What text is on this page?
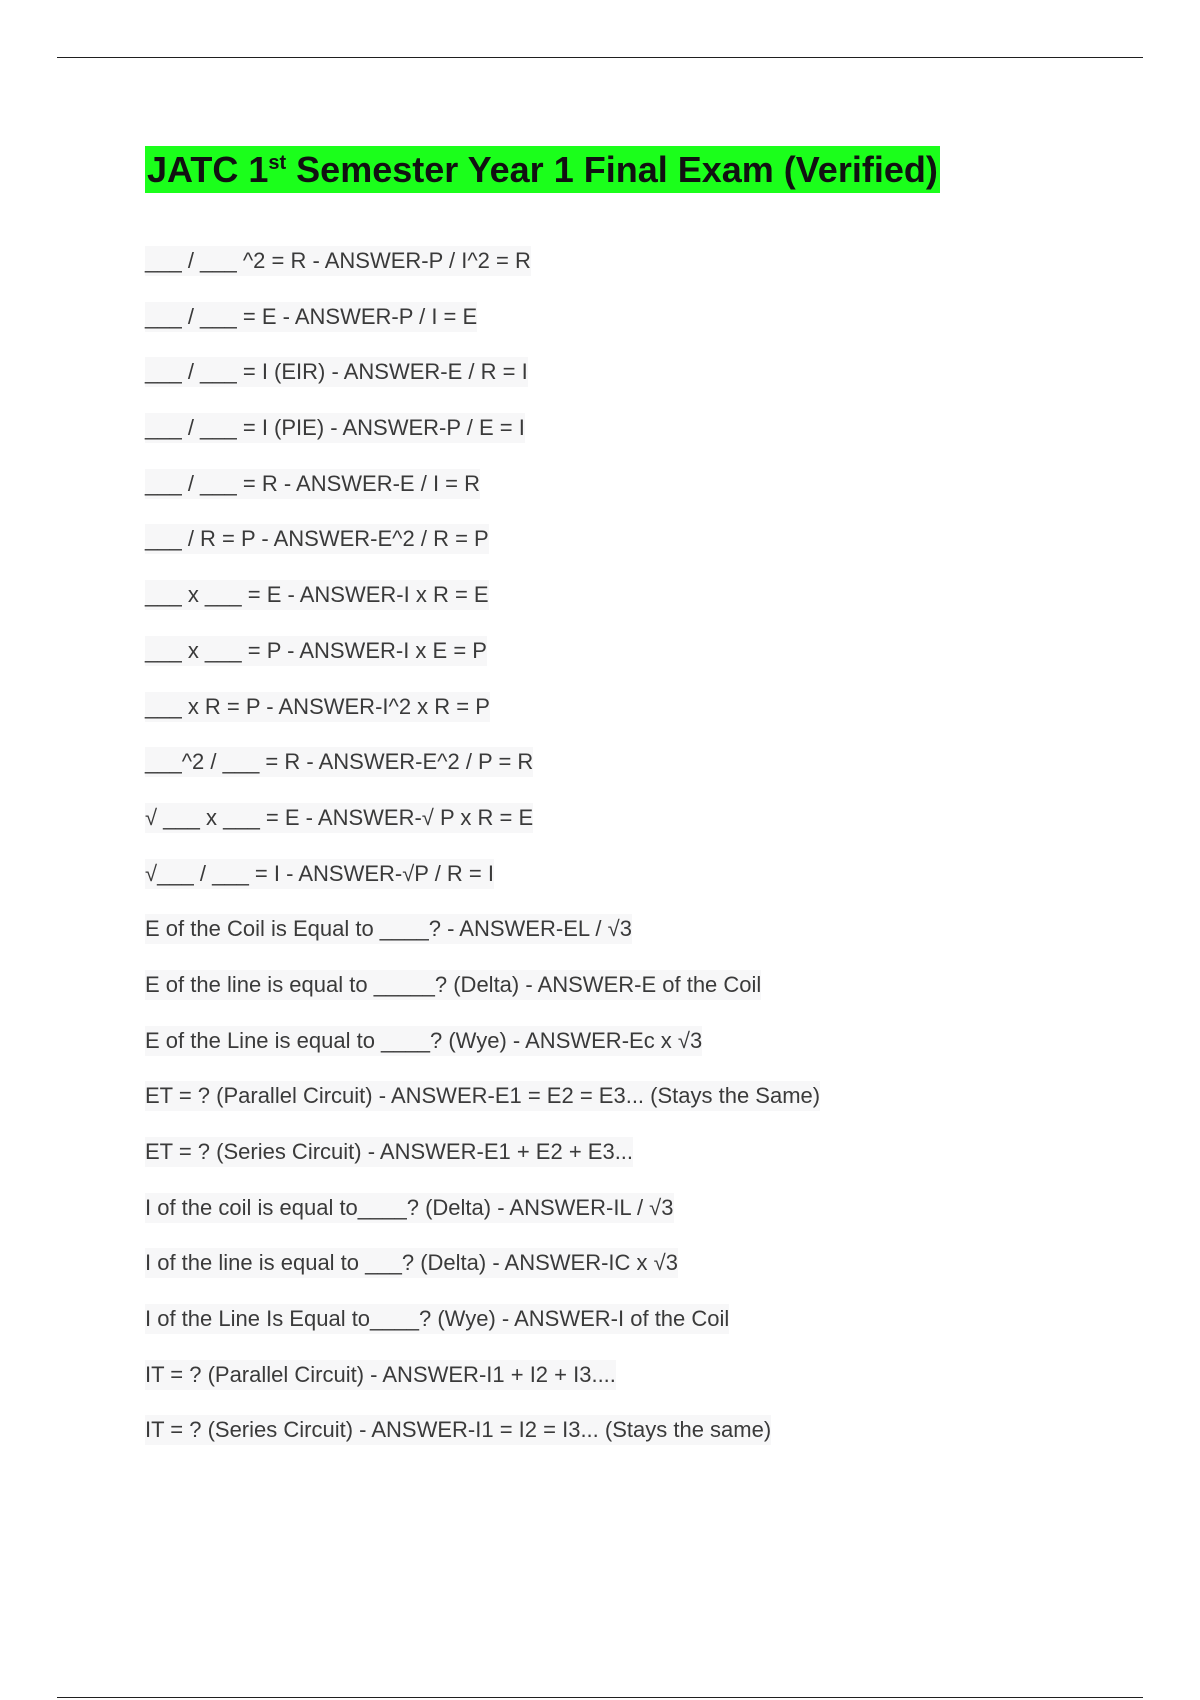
JATC 1st Semester Year 1 Final Exam (Verified)
___ / ___ ^2 = R - ANSWER-P / I^2 = R
___ / ___ = E - ANSWER-P / I = E
___ / ___ = I (EIR) - ANSWER-E / R = I
___ / ___ = I (PIE) - ANSWER-P / E = I
___ / ___ = R - ANSWER-E / I = R
___ / R = P - ANSWER-E^2 / R = P
___ x ___ = E - ANSWER-I x R = E
___ x ___ = P - ANSWER-I x E = P
___ x R = P - ANSWER-I^2 x R = P
___^2 / ___ = R - ANSWER-E^2 / P = R
√ ___ x ___ = E - ANSWER-√ P x R = E
√___ / ___ = I - ANSWER-√P / R = I
E of the Coil is Equal to ____? - ANSWER-EL / √3
E of the line is equal to _____? (Delta) - ANSWER-E of the Coil
E of the Line is equal to ____? (Wye) - ANSWER-Ec x √3
ET = ? (Parallel Circuit) - ANSWER-E1 = E2 = E3... (Stays the Same)
ET = ? (Series Circuit) - ANSWER-E1 + E2 + E3...
I of the coil is equal to____? (Delta) - ANSWER-IL / √3
I of the line is equal to ___? (Delta) - ANSWER-IC x √3
I of the Line Is Equal to____? (Wye) - ANSWER-I of the Coil
IT = ? (Parallel Circuit) - ANSWER-I1 + I2 + I3....
IT = ? (Series Circuit) - ANSWER-I1 = I2 = I3... (Stays the same)
